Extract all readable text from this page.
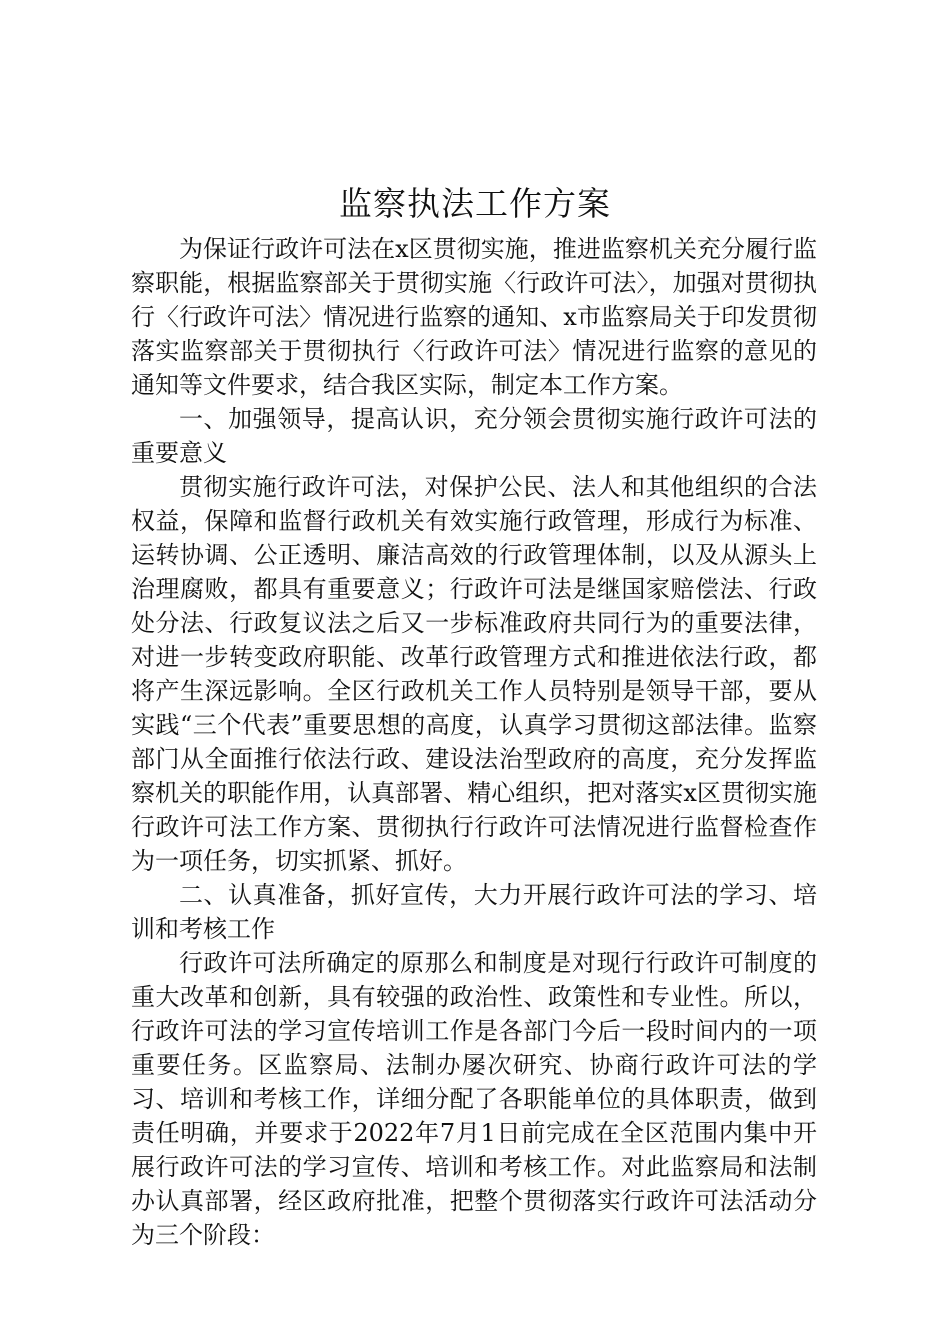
监察执法工作方案

为保证行政许可法在x区贯彻实施，推进监察机关充分履行监察职能，根据监察部关于贯彻实施〈行政许可法〉，加强对贯彻执行〈行政许可法〉情况进行监察的通知、x市监察局关于印发贯彻落实监察部关于贯彻执行〈行政许可法〉情况进行监察的意见的通知等文件要求，结合我区实际，制定本工作方案。

一、加强领导，提高认识，充分领会贯彻实施行政许可法的重要意义

贯彻实施行政许可法，对保护公民、法人和其他组织的合法权益，保障和监督行政机关有效实施行政管理，形成行为标准、运转协调、公正透明、廉洁高效的行政管理体制，以及从源头上治理腐败，都具有重要意义；行政许可法是继国家赔偿法、行政处分法、行政复议法之后又一步标准政府共同行为的重要法律，对进一步转变政府职能、改革行政管理方式和推进依法行政，都将产生深远影响。全区行政机关工作人员特别是领导干部，要从实践“三个代表”重要思想的高度，认真学习贯彻这部法律。监察部门从全面推行依法行政、建设法治型政府的高度，充分发挥监察机关的职能作用，认真部署、精心组织，把对落实x区贯彻实施行政许可法工作方案、贯彻执行行政许可法情况进行监督检查作为一项任务，切实抓紧、抓好。

二、认真准备，抓好宣传，大力开展行政许可法的学习、培训和考核工作

行政许可法所确定的原那么和制度是对现行行政许可制度的重大改革和创新，具有较强的政治性、政策性和专业性。所以，行政许可法的学习宣传培训工作是各部门今后一段时间内的一项重要任务。区监察局、法制办屡次研究、协商行政许可法的学习、培训和考核工作，详细分配了各职能单位的具体职责，做到责任明确，并要求于2022年7月1日前完成在全区范围内集中开展行政许可法的学习宣传、培训和考核工作。对此监察局和法制办认真部署，经区政府批准，把整个贯彻落实行政许可法活动分为三个阶段：
